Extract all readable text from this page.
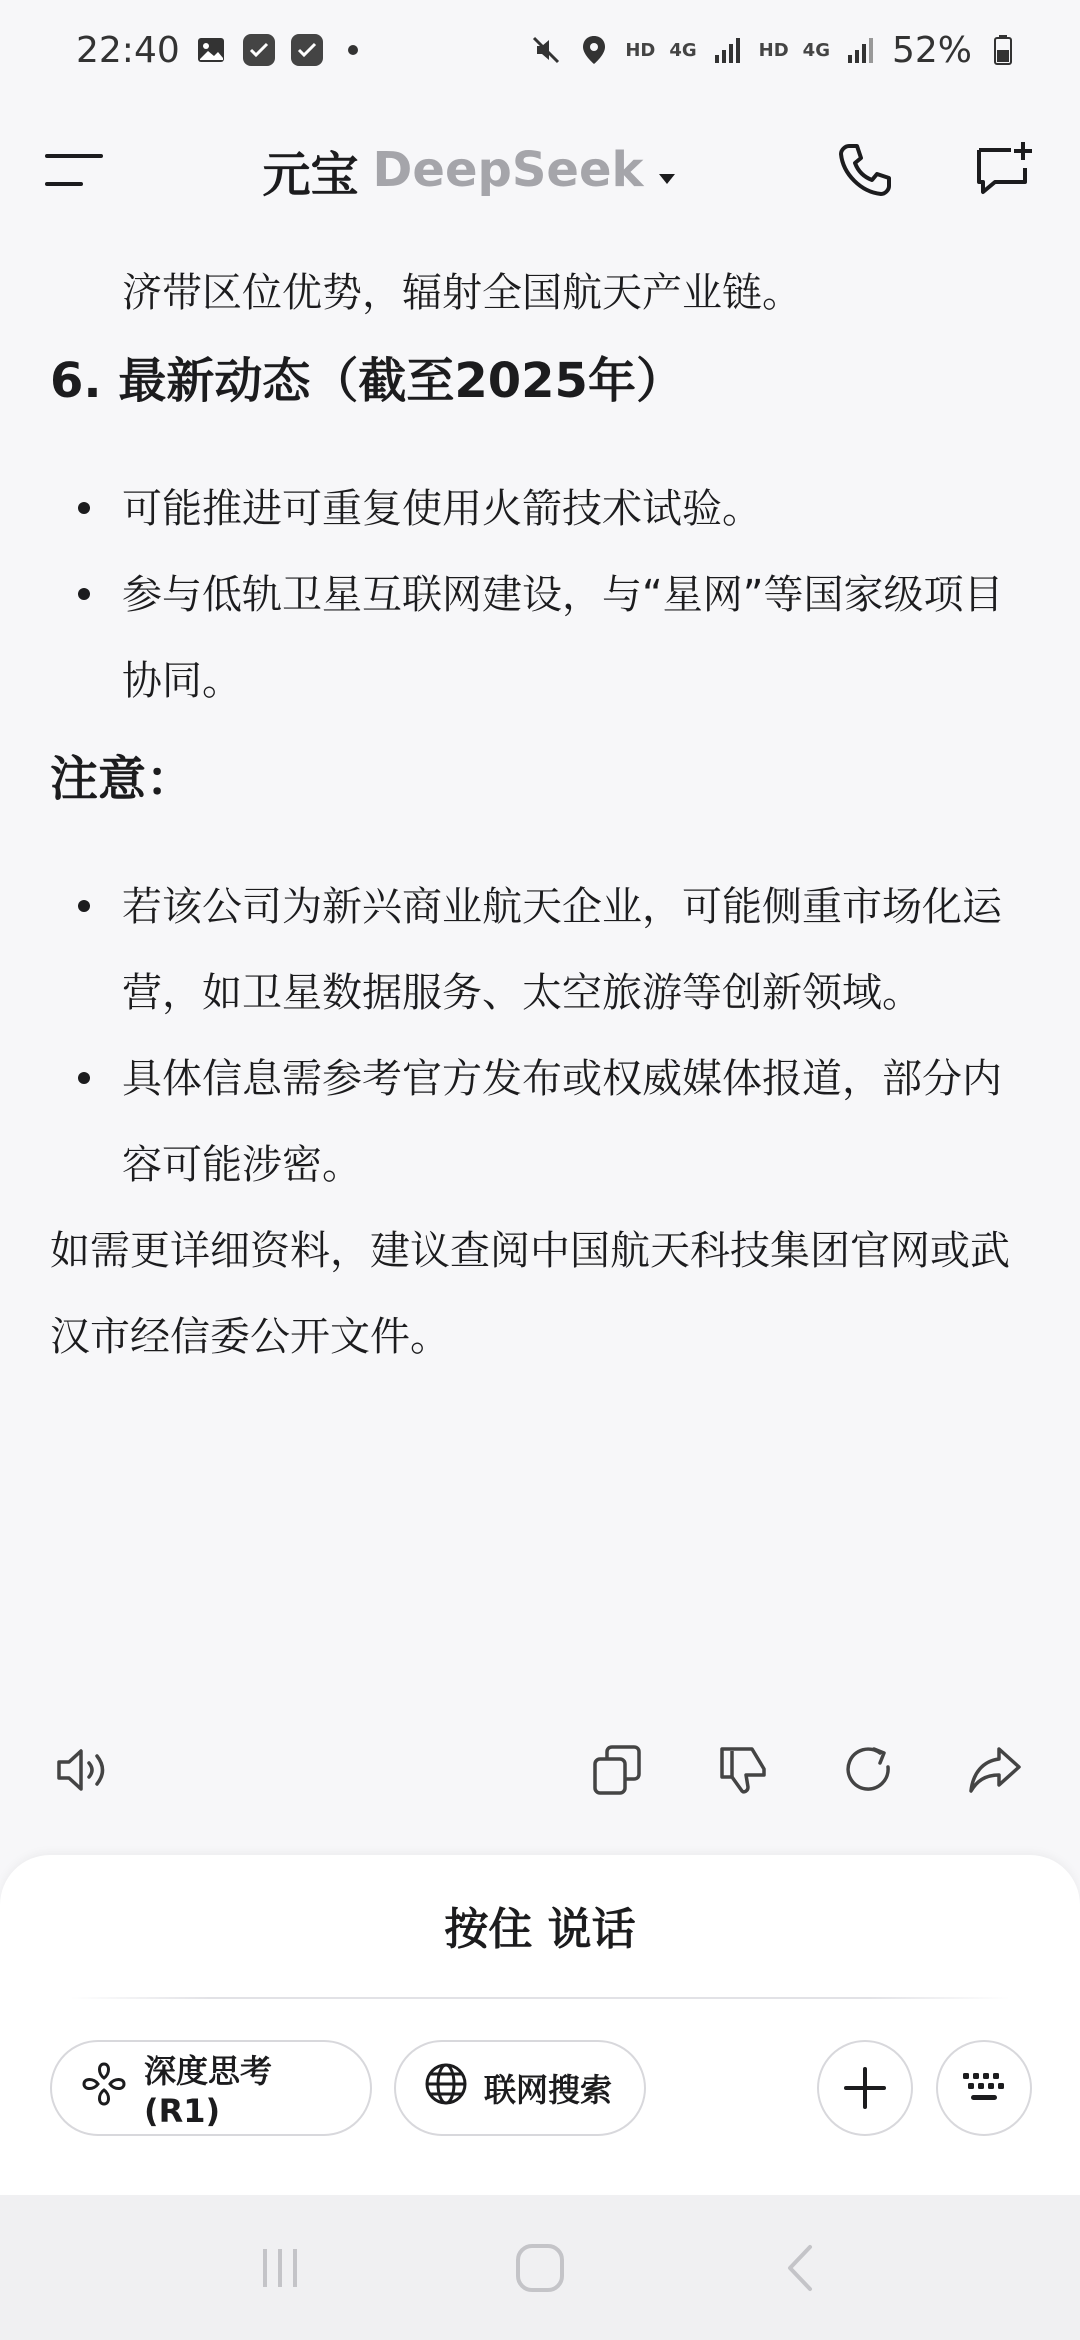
22:40	HD 4G	HD 4G 52%
元宝 DeepSeek

济带区位优势，辐射全国航天产业链。

6. 最新动态（截至2025年）

可能推进可重复使用火箭技术试验。
参与低轨卫星互联网建设，与“星网”等国家级项目协同。

注意：

若该公司为新兴商业航天企业，可能侧重市场化运营，如卫星数据服务、太空旅游等创新领域。
具体信息需参考官方发布或权威媒体报道，部分内容可能涉密。

如需更详细资料，建议查阅中国航天科技集团官网或武汉市经信委公开文件。

按住 说话
深度思考(R1)
联网搜索
